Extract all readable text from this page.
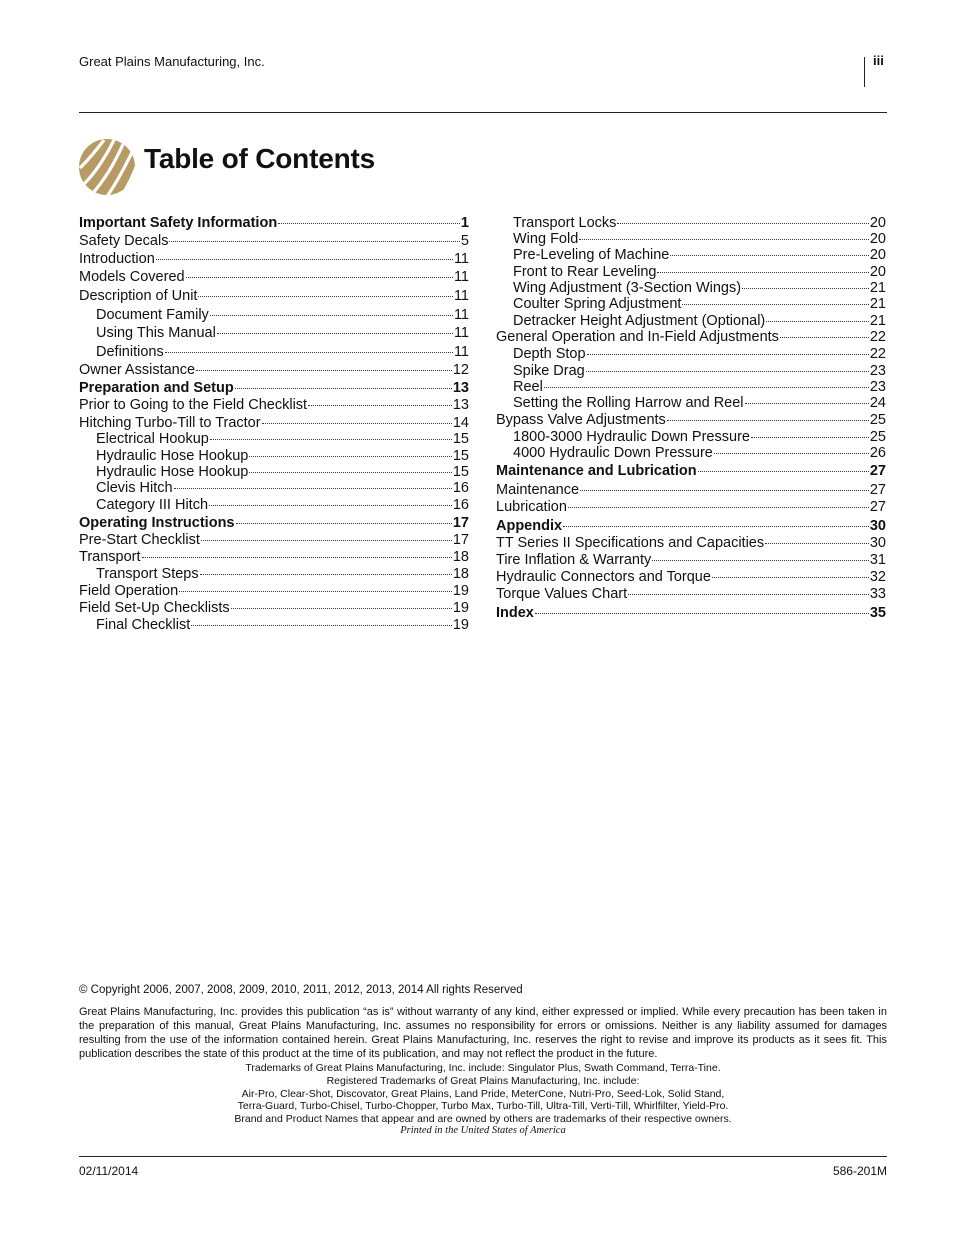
Great Plains Manufacturing, Inc.	iii
Table of Contents
Important Safety Information	1
Safety Decals	5
Introduction	11
Models Covered	11
Description of Unit	11
Document Family	11
Using This Manual	11
Definitions	11
Owner Assistance	12
Preparation and Setup	13
Prior to Going to the Field Checklist	13
Hitching Turbo-Till to Tractor	14
Electrical Hookup	15
Hydraulic Hose Hookup	15
Hydraulic Hose Hookup	15
Clevis Hitch	16
Category III Hitch	16
Operating Instructions	17
Pre-Start Checklist	17
Transport	18
Transport Steps	18
Field Operation	19
Field Set-Up Checklists	19
Final Checklist	19
Transport Locks	20
Wing Fold	20
Pre-Leveling of Machine	20
Front to Rear Leveling	20
Wing Adjustment (3-Section Wings)	21
Coulter Spring Adjustment	21
Detracker Height Adjustment (Optional)	21
General Operation and In-Field Adjustments	22
Depth Stop	22
Spike Drag	23
Reel	23
Setting the Rolling Harrow and Reel	24
Bypass Valve Adjustments	25
1800-3000 Hydraulic Down Pressure	25
4000 Hydraulic Down Pressure	26
Maintenance and Lubrication	27
Maintenance	27
Lubrication	27
Appendix	30
TT Series II Specifications and Capacities	30
Tire Inflation & Warranty	31
Hydraulic Connectors and Torque	32
Torque Values Chart	33
Index	35
© Copyright 2006, 2007, 2008, 2009, 2010, 2011, 2012, 2013, 2014 All rights Reserved
Great Plains Manufacturing, Inc. provides this publication “as is” without warranty of any kind, either expressed or implied. While every precaution has been taken in the preparation of this manual, Great Plains Manufacturing, Inc. assumes no responsibility for errors or omissions. Neither is any liability assumed for damages resulting from the use of the information contained herein. Great Plains Manufacturing, Inc. reserves the right to revise and improve its products as it sees fit. This publication describes the state of this product at the time of its publication, and may not reflect the product in the future.
Trademarks of Great Plains Manufacturing, Inc. include: Singulator Plus, Swath Command, Terra-Tine.
Registered Trademarks of Great Plains Manufacturing, Inc. include:
Air-Pro, Clear-Shot, Discovator, Great Plains, Land Pride, MeterCone, Nutri-Pro, Seed-Lok, Solid Stand,
Terra-Guard, Turbo-Chisel, Turbo-Chopper, Turbo Max, Turbo-Till, Ultra-Till, Verti-Till, Whirlfilter, Yield-Pro.
Brand and Product Names that appear and are owned by others are trademarks of their respective owners.
Printed in the United States of America
02/11/2014	586-201M
